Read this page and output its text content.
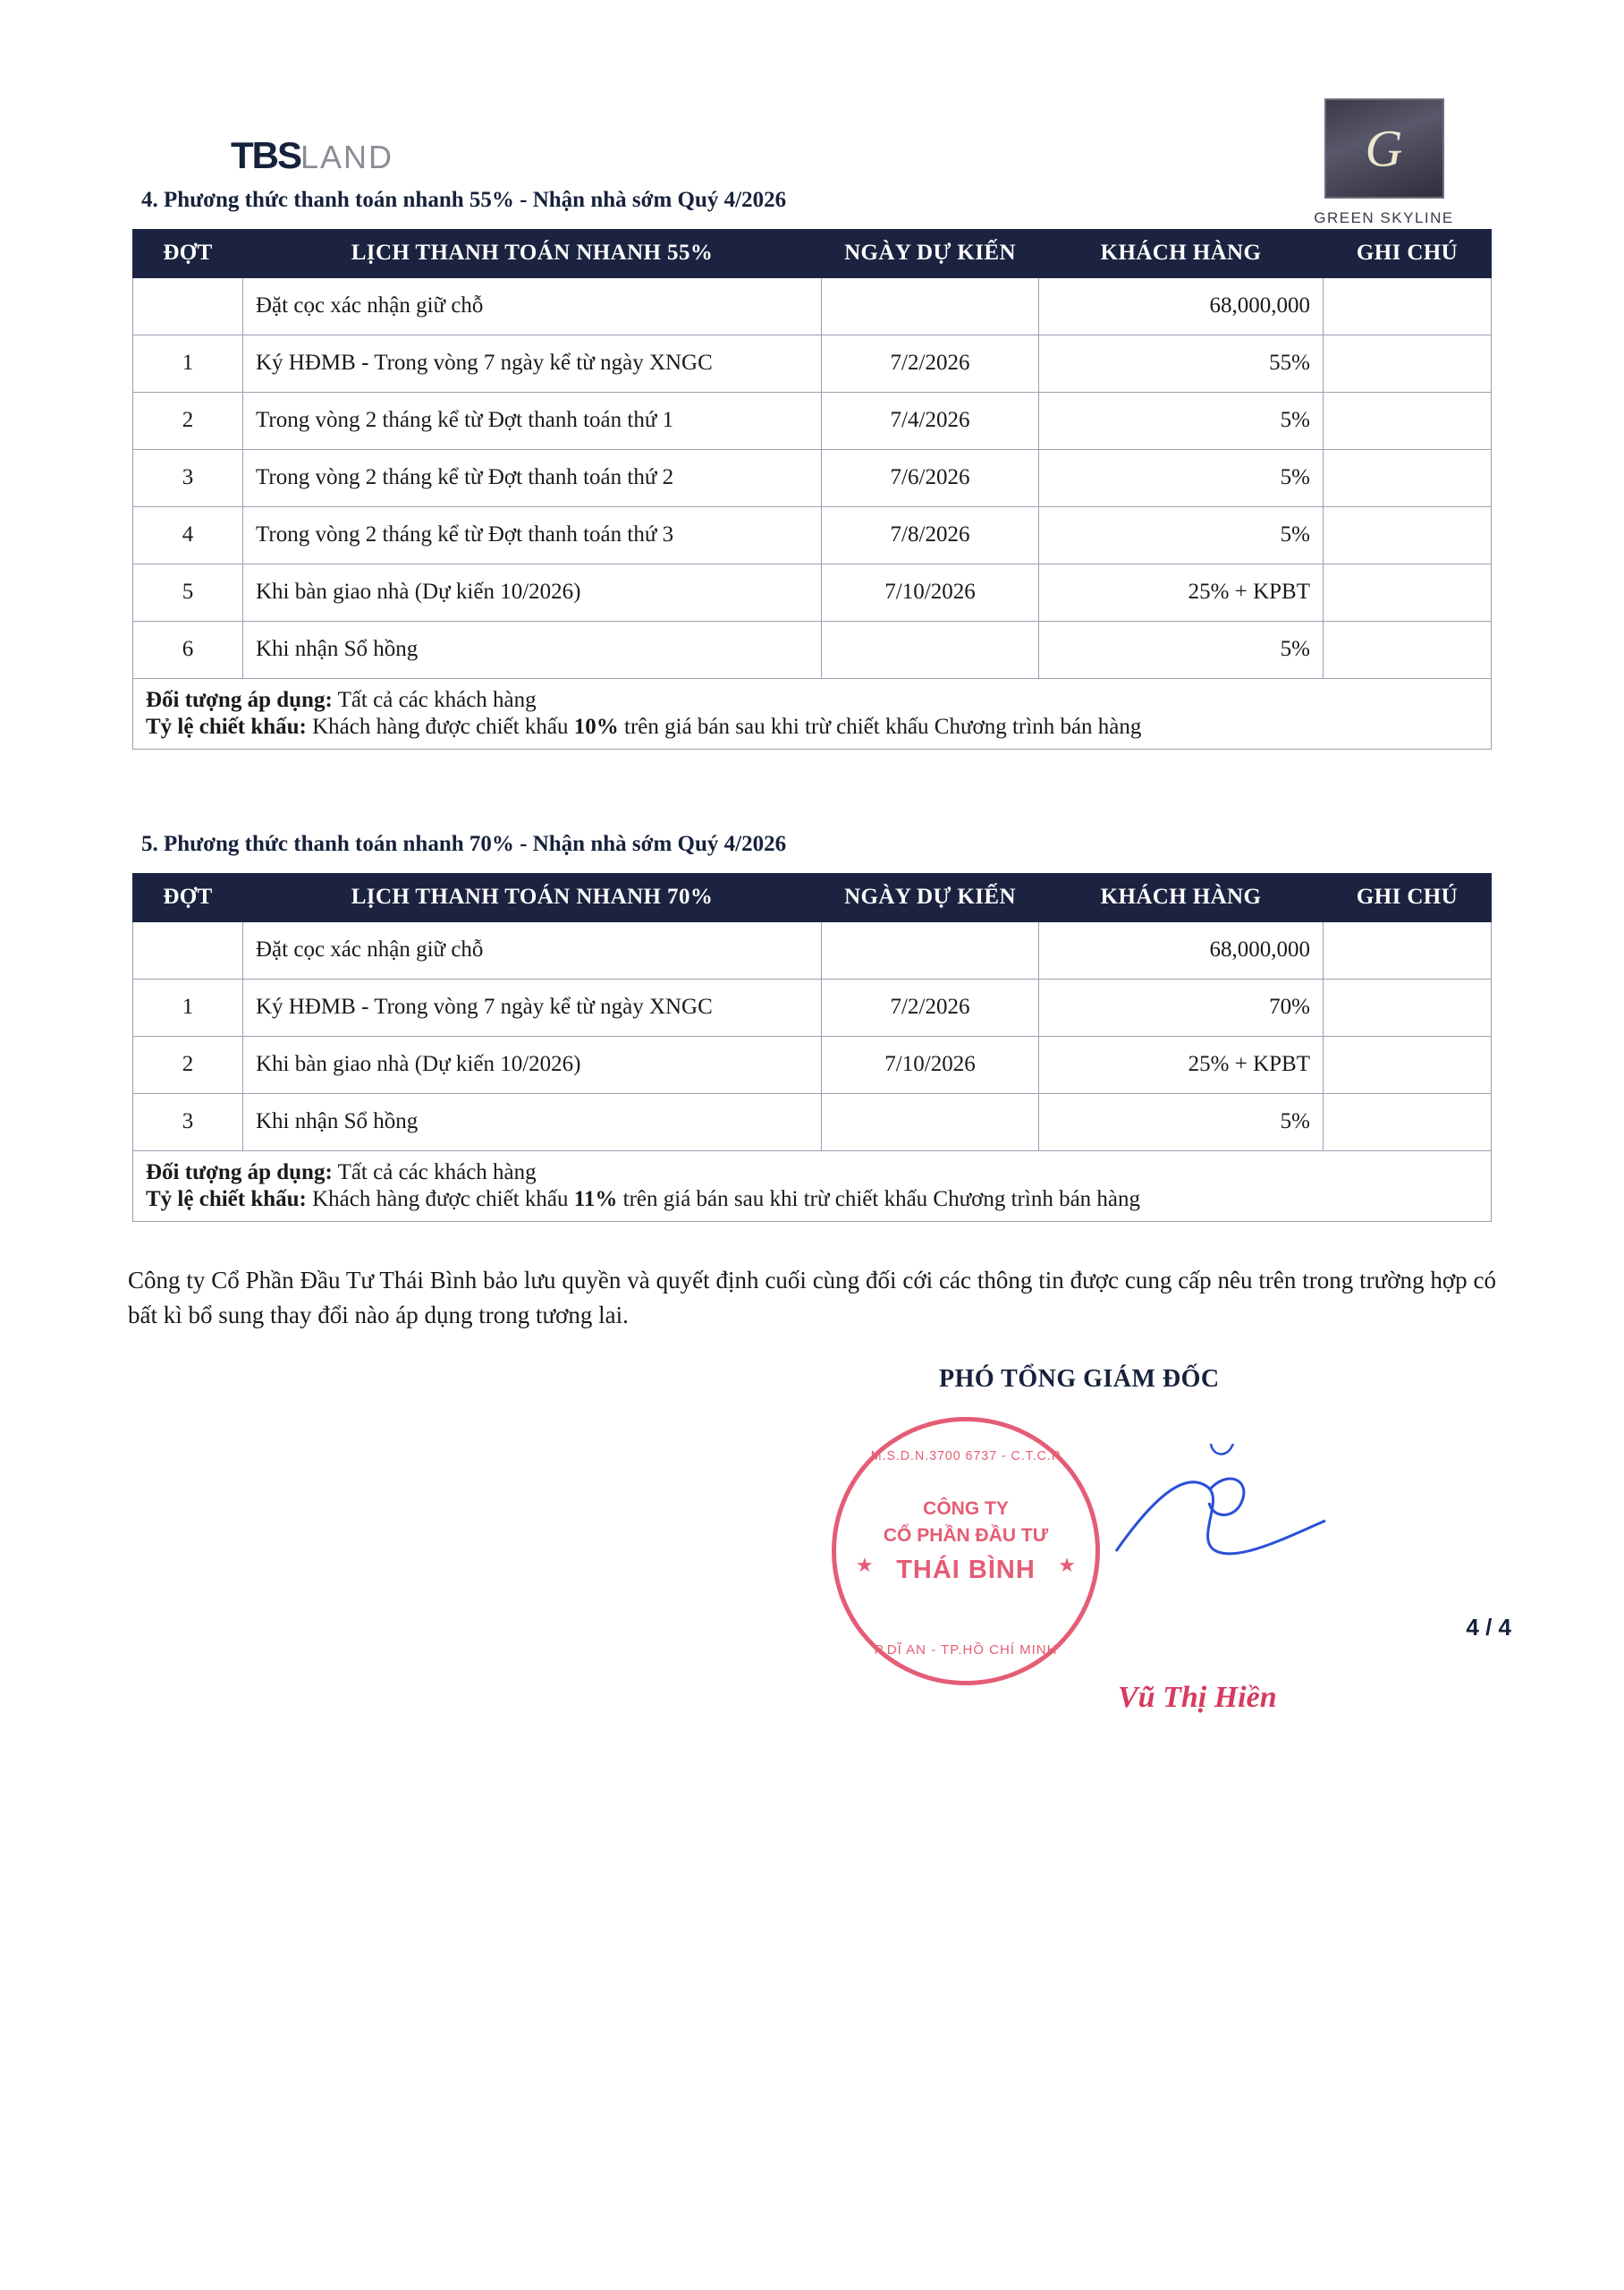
TBSLAND	G
GREEN SKYLINE
4. Phương thức thanh toán nhanh 55% - Nhận nhà sớm Quý 4/2026
ĐỢT	LỊCH THANH TOÁN NHANH 55%	NGÀY DỰ KIẾN	KHÁCH HÀNG	GHI CHÚ
	Đặt cọc xác nhận giữ chỗ		68,000,000	
1	Ký HĐMB - Trong vòng 7 ngày kể từ ngày XNGC	7/2/2026	55%	
2	Trong vòng 2 tháng kể từ Đợt thanh toán thứ 1	7/4/2026	5%	
3	Trong vòng 2 tháng kể từ Đợt thanh toán thứ 2	7/6/2026	5%	
4	Trong vòng 2 tháng kể từ Đợt thanh toán thứ 3	7/8/2026	5%	
5	Khi bàn giao nhà (Dự kiến 10/2026)	7/10/2026	25% + KPBT	
6	Khi nhận Sổ hồng		5%	

Đối tượng áp dụng: Tất cả các khách hàng
Tỷ lệ chiết khấu: Khách hàng được chiết khấu 10% trên giá bán sau khi trừ chiết khấu Chương trình bán hàng				
5. Phương thức thanh toán nhanh 70% - Nhận nhà sớm Quý 4/2026
ĐỢT	LỊCH THANH TOÁN NHANH 70%	NGÀY DỰ KIẾN	KHÁCH HÀNG	GHI CHÚ
	Đặt cọc xác nhận giữ chỗ		68,000,000	
1	Ký HĐMB - Trong vòng 7 ngày kể từ ngày XNGC	7/2/2026	70%	
2	Khi bàn giao nhà (Dự kiến 10/2026)	7/10/2026	25% + KPBT	
3	Khi nhận Sổ hồng		5%	

Đối tượng áp dụng: Tất cả các khách hàng
Tỷ lệ chiết khấu: Khách hàng được chiết khấu 11% trên giá bán sau khi trừ chiết khấu Chương trình bán hàng				
Công ty Cổ Phần Đầu Tư Thái Bình bảo lưu quyền và quyết định cuối cùng đối cới các thông tin được cung cấp nêu trên trong trường hợp có bất kì bổ sung thay đổi nào áp dụng trong tương lai.
PHÓ TỔNG GIÁM ĐỐC
M.S.D.N.3700 6737 - C.T.C.P
★	★
CÔNG TY
CỔ PHẦN ĐẦU TƯ
THÁI BÌNH
P.DĨ AN - TP.HỒ CHÍ MINH
Vũ Thị Hiền
4 / 4
